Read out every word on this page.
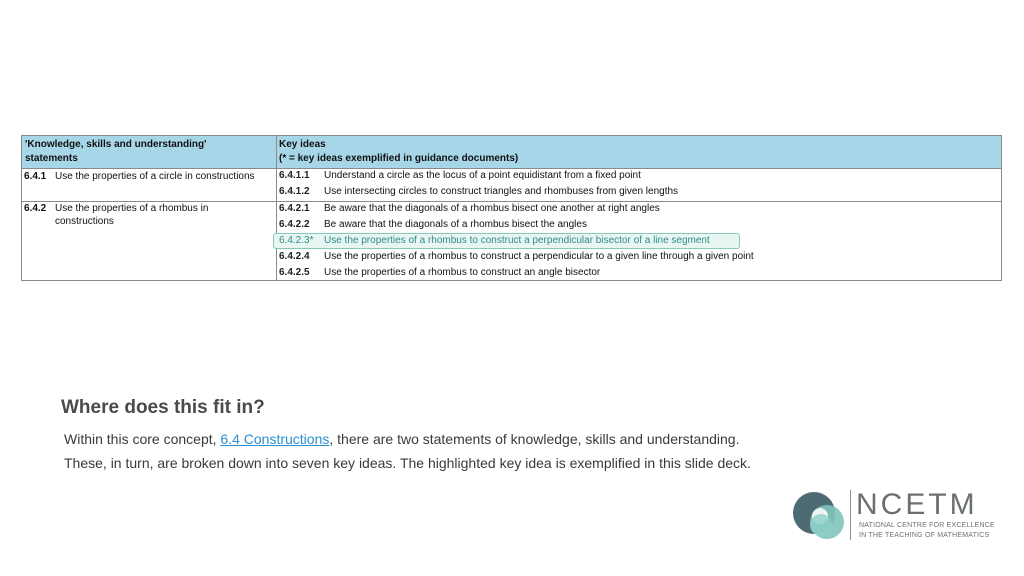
'Knowledge, skills and understanding'
statements
Key ideas
(* = key ideas exemplified in guidance documents)
6.4.1 Use the properties of a circle in constructions
6.4.2 Use the properties of a rhombus in
constructions
6.4.1.1 Understand a circle as the locus of a point equidistant from a fixed point
6.4.1.2 Use intersecting circles to construct triangles and rhombuses from given lengths
6.4.2.1 Be aware that the diagonals of a rhombus bisect one another at right angles
6.4.2.2 Be aware that the diagonals of a rhombus bisect the angles
6.4.2.3* Use the properties of a rhombus to construct a perpendicular bisector of a line segment
6.4.2.4 Use the properties of a rhombus to construct a perpendicular to a given line through a given point
6.4.2.5 Use the properties of a rhombus to construct an angle bisector
Where does this fit in?
Within this core concept, 6.4 Constructions, there are two statements of knowledge, skills and understanding.
These, in turn, are broken down into seven key ideas. The highlighted key idea is exemplified in this slide deck.
NCETM
NATIONAL CENTRE FOR EXCELLENCE
IN THE TEACHING OF MATHEMATICS
